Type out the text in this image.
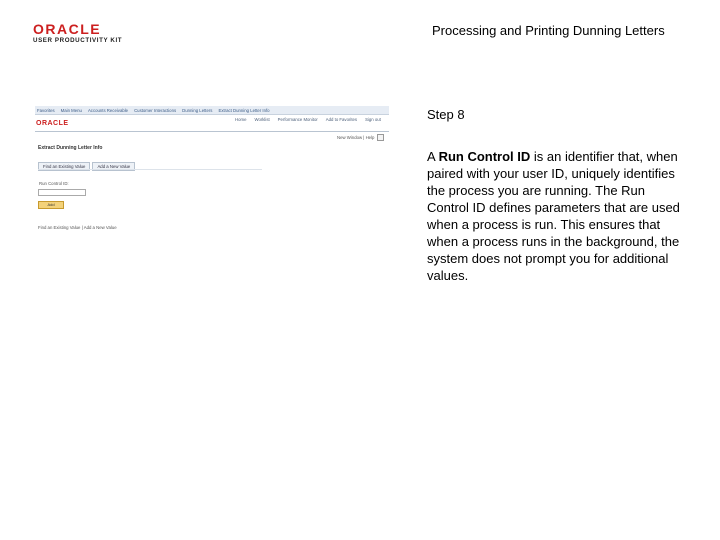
ORACLE
USER PRODUCTIVITY KIT
Processing and Printing Dunning Letters
Favorites Main Menu Accounts Receivable Customer Interactions Dunning Letters Extract Dunning Letter Info
ORACLE
Home Worklist Performance Monitor Add to Favorites Sign out
New Window | Help
Extract Dunning Letter Info
Find an Existing Value	Add a New Value
Run Control ID:
Add
Find an Existing Value | Add a New Value
Step 8
A Run Control ID is an identifier that, when paired with your user ID, uniquely identifies the process you are running. The Run Control ID defines parameters that are used when a process is run. This ensures that when a process runs in the background, the system does not prompt you for additional values.
